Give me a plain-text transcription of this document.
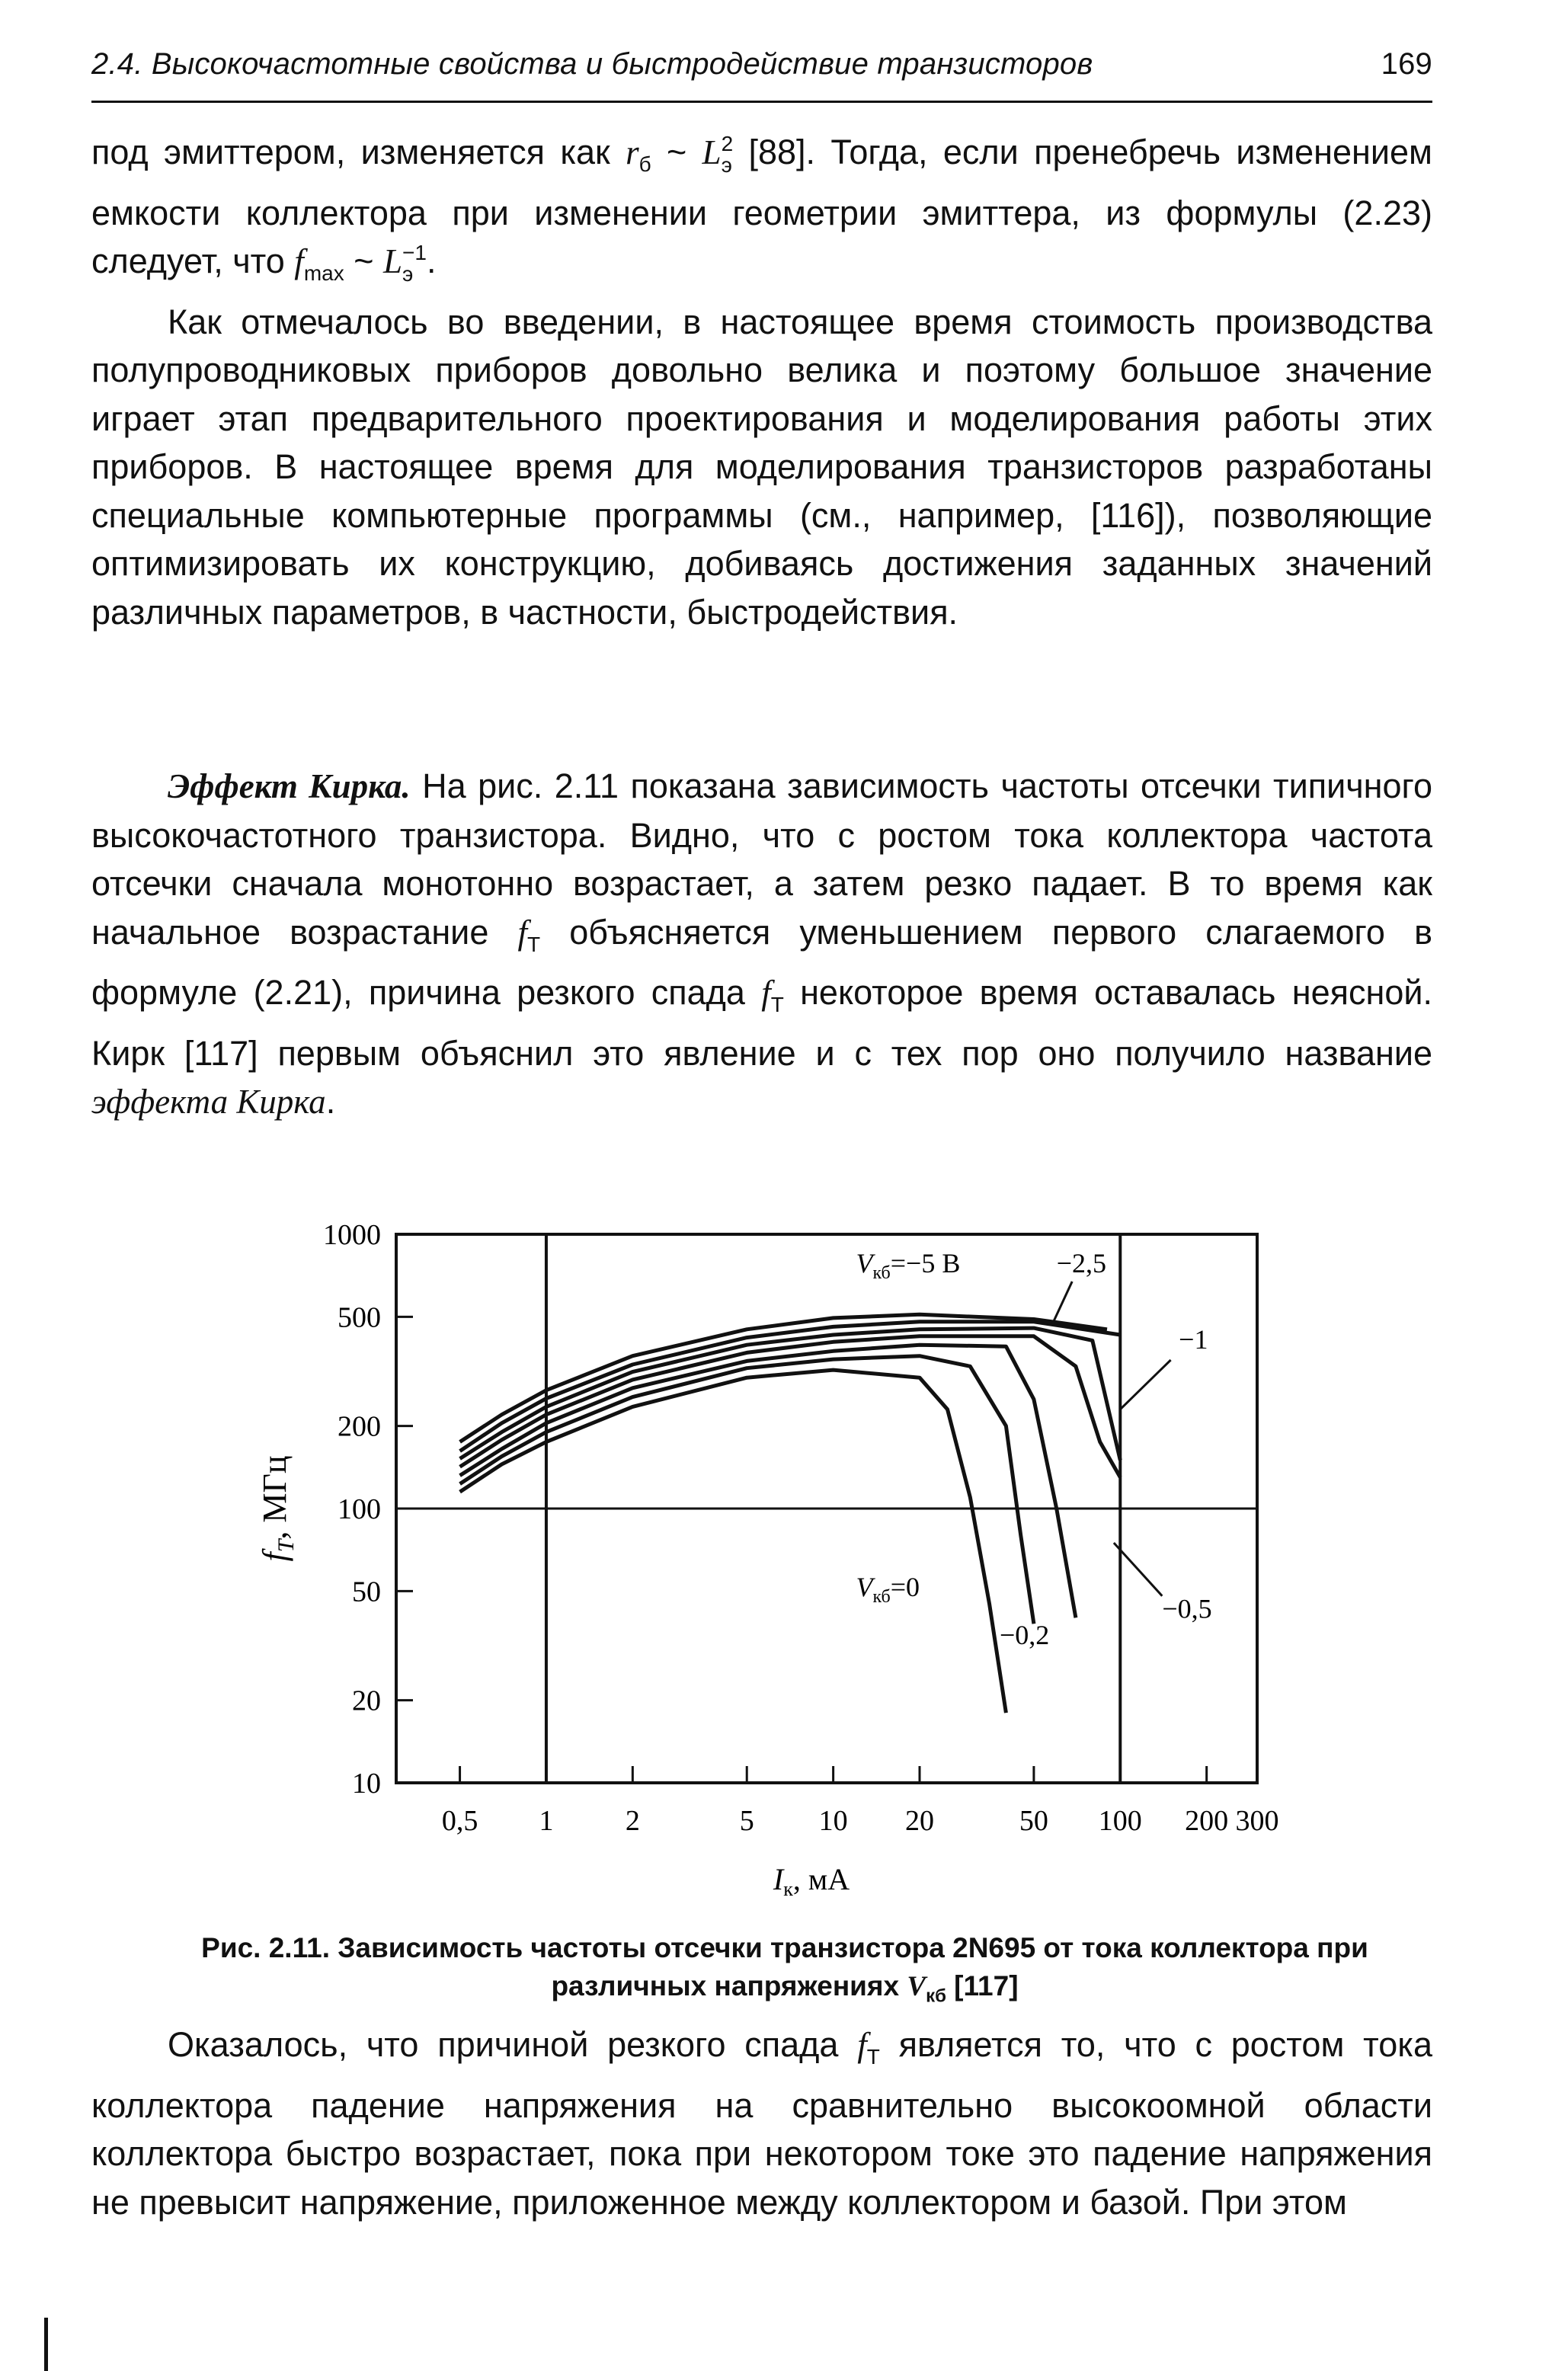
2.4. Высокочастотные свойства и быстродействие транзисторов	169

под эмиттером, изменяется как $r_б$ ~ L 2
э [88]. Тогда, если пренебречь изменением емкости коллектора при изменении геометрии эмиттера, из формулы (2.23) следует, что $f_{max}$ ~ L −1
э .

Как отмечалось во введении, в настоящее время стоимость производства полупроводниковых приборов довольно велика и поэтому большое значение играет этап предварительного проектирования и моделирования работы этих приборов. В настоящее время для моделирования транзисторов разработаны специальные компьютерные программы (см., например, [116]), позволяющие оптимизировать их конструкцию, добиваясь достижения заданных значений различных параметров, в частности, быстродействия.

Эффект Кирка. На рис. 2.11 показана зависимость частоты отсечки типичного высокочастотного транзистора. Видно, что с ростом тока коллектора частота отсечки сначала монотонно возрастает, а затем резко падает. В то время как начальное возрастание $f_T$ объясняется уменьшением первого слагаемого в формуле (2.21), причина резкого спада $f_T$ некоторое время оставалась неясной. Кирк [117] первым объяснил это явление и с тех пор оно получило название эффекта Кирка.

0,5 1 2	5 10 20	50 100 200 300
1000
500
200
100
50
20
10
$I_к$, мА
$f_T$, МГц
$V_{кб}=-5$ В	−2,5
−1
−0,5
−0,2
$V_{кб}=0$
Рис. 2.11. Зависимость частоты отсечки транзистора 2N695 от тока коллектора при различных напряжениях $V_{кб}$ [117]

Оказалось, что причиной резкого спада $f_T$ является то, что с ростом тока коллектора падение напряжения на сравнительно высокоомной области коллектора быстро возрастает, пока при некотором токе это падение напряжения не превысит напряжение, приложенное между коллектором и базой. При этом
